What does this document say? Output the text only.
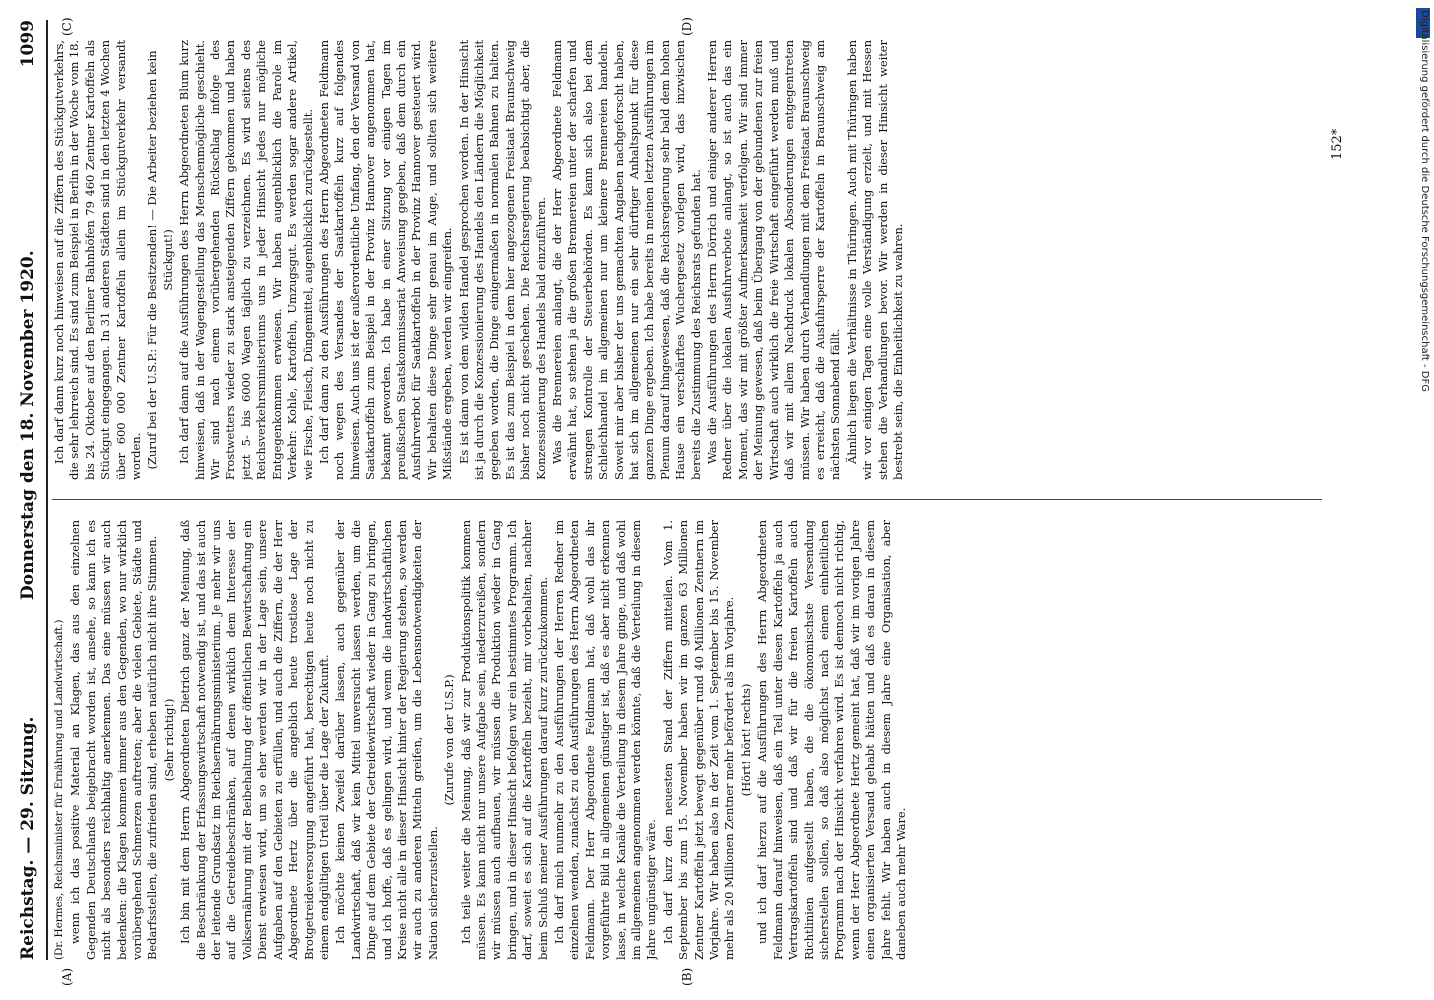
Reichstag. — 29. Sitzung.
Donnerstag den 18. November 1920.
1099
(A)	(B)
(C)	(D)

(Dr. Hermes, Reichsminister für Ernährung und Landwirtschaft.) wenn ich das positive Material an Klagen, das aus den einzelnen Gegenden Deutschlands beigebracht worden ist, ansehe, so kann ich es nicht als besonders reichhaltig anerkennen. Das eine müssen wir auch bedenken: die Klagen kommen immer aus den Gegenden, wo nur wirklich vorübergehend Schmerzen auftreten; aber die vielen Gebiete, Städte und Bedarfsstellen, die zufrieden sind, erheben natürlich nicht ihre Stimmen. (Sehr richtig!) Ich bin mit dem Herrn Abgeordneten Dietrich ganz der Meinung, daß die Beschränkung der Erfassungswirtschaft notwendig ist, und das ist auch der leitende Grundsatz im Reichsernährungsministerium. Je mehr wir uns auf die Getreidebeschränken, auf denen wirklich dem Interesse der Volksernährung mit der Beibehaltung der öffentlichen Bewirtschaftung ein Dienst erwiesen wird, um so eher werden wir in der Lage sein, unsere Aufgaben auf den Gebieten zu erfüllen, und auch die Ziffern, die der Herr Abgeordnete Hertz über die angeblich heute trostlose Lage der Brotgetreideversorgung angeführt hat, berechtigen heute noch nicht zu einem endgültigen Urteil über die Lage der Zukunft. Ich möchte keinen Zweifel darüber lassen, auch gegenüber der Landwirtschaft, daß wir kein Mittel unversucht lassen werden, um die Dinge auf dem Gebiete der Getreidewirtschaft wieder in Gang zu bringen, und ich hoffe, daß es gelingen wird, und wenn die landwirtschaftlichen Kreise nicht alle in dieser Hinsicht hinter der Regierung stehen, so werden wir auch zu anderen Mitteln greifen, um die Lebensnotwendigkeiten der Nation sicherzustellen.

(Zurufe von der U.S.P.) Ich teile weiter die Meinung, daß wir zur Produktionspolitik kommen müssen. Es kann nicht nur unsere Aufgabe sein, niederzureißen, sondern wir müssen auch aufbauen, wir müssen die Produktion wieder in Gang bringen, und in dieser Hinsicht befolgen wir ein bestimmtes Programm. Ich darf, soweit es sich auf die Kartoffeln bezieht, mir vorbehalten, nachher beim Schluß meiner Ausführungen darauf kurz zurückzukommen. Ich darf mich nunmehr zu den Ausführungen der Herren Redner im einzelnen wenden, zunächst zu den Ausführungen des Herrn Abgeordneten Feldmann. Der Herr Abgeordnete Feldmann hat, daß wohl das ihr vorgeführte Bild in allgemeinen günstiger ist, daß es aber nicht erkennen lasse, in welche Kanäle die Verteilung in diesem Jahre ginge, und daß wohl im allgemeinen angenommen werden könnte, daß die Verteilung in diesem Jahre ungünstiger wäre. Ich darf kurz den neuesten Stand der Ziffern mitteilen. Vom 1. September bis zum 15. November haben wir im ganzen 63 Millionen Zentner Kartoffeln jetzt bewegt gegenüber rund 40 Millionen Zentnern im Vorjahre. Wir haben also in der Zeit vom 1. September bis 15. November mehr als 20 Millionen Zentner mehr befördert als im Vorjahre. (Hört! hört! rechts) und ich darf hierzu auf die Ausführungen des Herrn Abgeordneten Feldmann darauf hinweisen, daß ein Teil unter diesen Kartoffeln ja auch Vertragskartoffeln sind und daß wir für die freien Kartoffeln auch Richtlinien aufgestellt haben, die die ökonomischste Versendung sicherstellen sollen, so daß also möglichst nach einem einheitlichen Programm nach der Hinsicht verfahren wird. Es ist dennoch nicht richtig, wenn der Herr Abgeordnete Hertz gemeint hat, daß wir im vorigen Jahre einen organisierten Versand gehabt hätten und daß es daran in diesem Jahre fehlt. Wir haben auch in diesem Jahre eine Organisation, aber daneben auch mehr Ware.

Ich darf dann kurz noch hinweisen auf die Ziffern des Stückgutverkehrs, die sehr lehrreich sind. Es sind zum Beispiel in Berlin in der Woche vom 18. bis 24. Oktober auf den Berliner Bahnhöfen 79 460 Zentner Kartoffeln als Stückgut eingegangen. In 31 anderen Städten sind in den letzten 4 Wochen über 600 000 Zentner Kartoffeln allein im Stückgutverkehr versandt worden. (Zuruf bei der U.S.P.: Für die Besitzenden! — Die Arbeiter beziehen kein Stückgut!) Ich darf dann auf die Ausführungen des Herrn Abgeordneten Blum kurz hinweisen, daß in der Wagengestellung das Menschenmögliche geschieht. Wir sind nach einem vorübergehenden Rückschlag infolge des Frostwetters wieder zu stark ansteigenden Ziffern gekommen und haben jetzt 5- bis 6000 Wagen täglich zu verzeichnen. Es wird seitens des Reichsverkehrsministeriums uns in jeder Hinsicht jedes nur mögliche Entgegenkommen erwiesen. Wir haben augenblicklich die Parole im Verkehr: Kohle, Kartoffeln, Umzugsgut. Es werden sogar andere Artikel, wie Fische, Fleisch, Düngemittel, augenblicklich zurückgestellt. Ich darf dann zu den Ausführungen des Herrn Abgeordneten Feldmann noch wegen des Versandes der Saatkartoffeln kurz auf folgendes hinweisen. Auch uns ist der außerordentliche Umfang, den der Versand von Saatkartoffeln zum Beispiel in der Provinz Hannover angenommen hat, bekannt geworden. Ich habe in einer Sitzung vor einigen Tagen im preußischen Staatskommissariat Anweisung gegeben, daß dem durch ein Ausfuhrverbot für Saatkartoffeln in der Provinz Hannover gesteuert wird. Wir behalten diese Dinge sehr genau im Auge, und sollten sich weitere Mißstände ergeben, werden wir eingreifen. Es ist dann von dem wilden Handel gesprochen worden. In der Hinsicht ist ja durch die Konzessionierung des Handels den Ländern die Möglichkeit gegeben worden, die Dinge einigermaßen in normalen Bahnen zu halten. Es ist das zum Beispiel in dem hier angezogenen Freistaat Braunschweig bisher noch nicht geschehen. Die Reichsregierung beabsichtigt aber, die Konzessionierung des Handels bald einzuführen. Was die Brennereien anlangt, die der Herr Abgeordnete Feldmann erwähnt hat, so stehen ja die großen Brennereien unter der scharfen und strengen Kontrolle der Steuerbehörden. Es kann sich also bei dem Schleichhandel im allgemeinen nur um kleinere Brennereien handeln. Soweit mir aber bisher der uns gemachten Angaben nachgeforscht haben, hat sich im allgemeinen nur ein sehr dürftiger Anhaltspunkt für diese ganzen Dinge ergeben. Ich habe bereits in meinen letzten Ausführungen im Plenum darauf hingewiesen, daß die Reichsregierung sehr bald dem hohen Hause ein verschärftes Wuchergesetz vorlegen wird, das inzwischen bereits die Zustimmung des Reichsrats gefunden hat. Was die Ausführungen des Herrn Dörrich und einiger anderer Herren Redner über die lokalen Ausfuhrverbote anlangt, so ist auch das ein Moment, das wir mit größter Aufmerksamkeit verfolgen. Wir sind immer der Meinung gewesen, daß beim Übergang von der gebundenen zur freien Wirtschaft auch wirklich die freie Wirtschaft eingeführt werden muß und daß wir mit allem Nachdruck lokalen Absonderungen entgegentreten müssen. Wir haben durch Verhandlungen mit dem Freistaat Braunschweig es erreicht, daß die Ausfuhrsperre der Kartoffeln in Braunschweig am nächsten Sonnabend fällt. Ähnlich liegen die Verhältnisse in Thüringen. Auch mit Thüringen haben wir vor einigen Tagen eine volle Verständigung erzielt, und mit Hessen stehen die Verhandlungen bevor. Wir werden in dieser Hinsicht weiter bestrebt sein, die Einheitlichkeit zu wahren.

152*	Digitalisierung gefördert durch die Deutsche Forschungsgemeinschaft - DFG
